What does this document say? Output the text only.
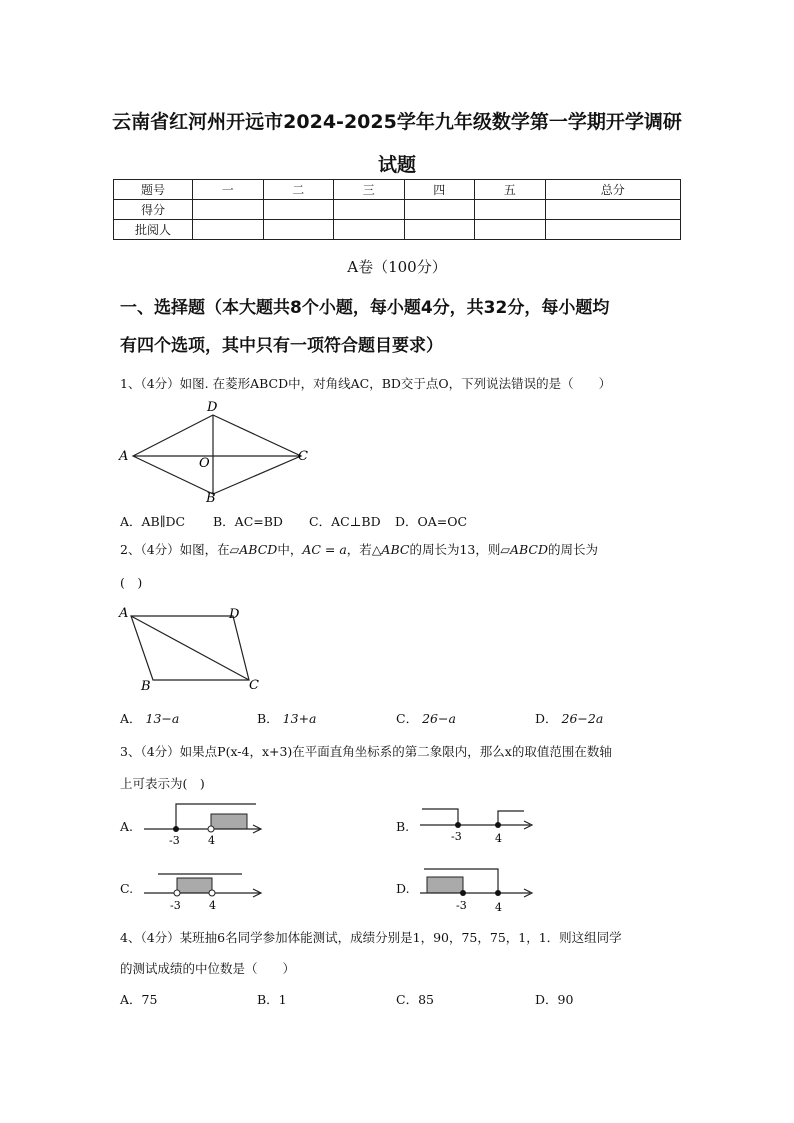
云南省红河州开远市2024-2025学年九年级数学第一学期开学调研
试题
题号	一	二	三	四	五	总分
得分						
批阅人						
A卷（100分）
一、选择题（本大题共8个小题，每小题4分，共32分，每小题均
有四个选项，其中只有一项符合题目要求）
1、（4分）如图. 在菱形ABCD中，对角线AC，BD交于点O，下列说法错误的是（　　）
D
A	O	C
B
A．AB∥DC B．AC=BD C．AC⊥BD D．OA=OC
2、（4分）如图，在▱ABCD中，AC = a，若△ABC的周长为13，则▱ABCD的周长为
(　)
A	D
B	C
A． 13−a	B． 13+a	C． 26−a	D． 26−2a
3、（4分）如果点P(x-4，x+3)在平面直角坐标系的第二象限内，那么x的取值范围在数轴
上可表示为(　)
A.
-3	4
B.
-3	4
C.
-3	4
D.
-3	4
4、（4分）某班抽6名同学参加体能测试，成绩分别是1，90，75，75，1，1．则这组同学
的测试成绩的中位数是（　　）
A．75	B．1	C．85	D．90
